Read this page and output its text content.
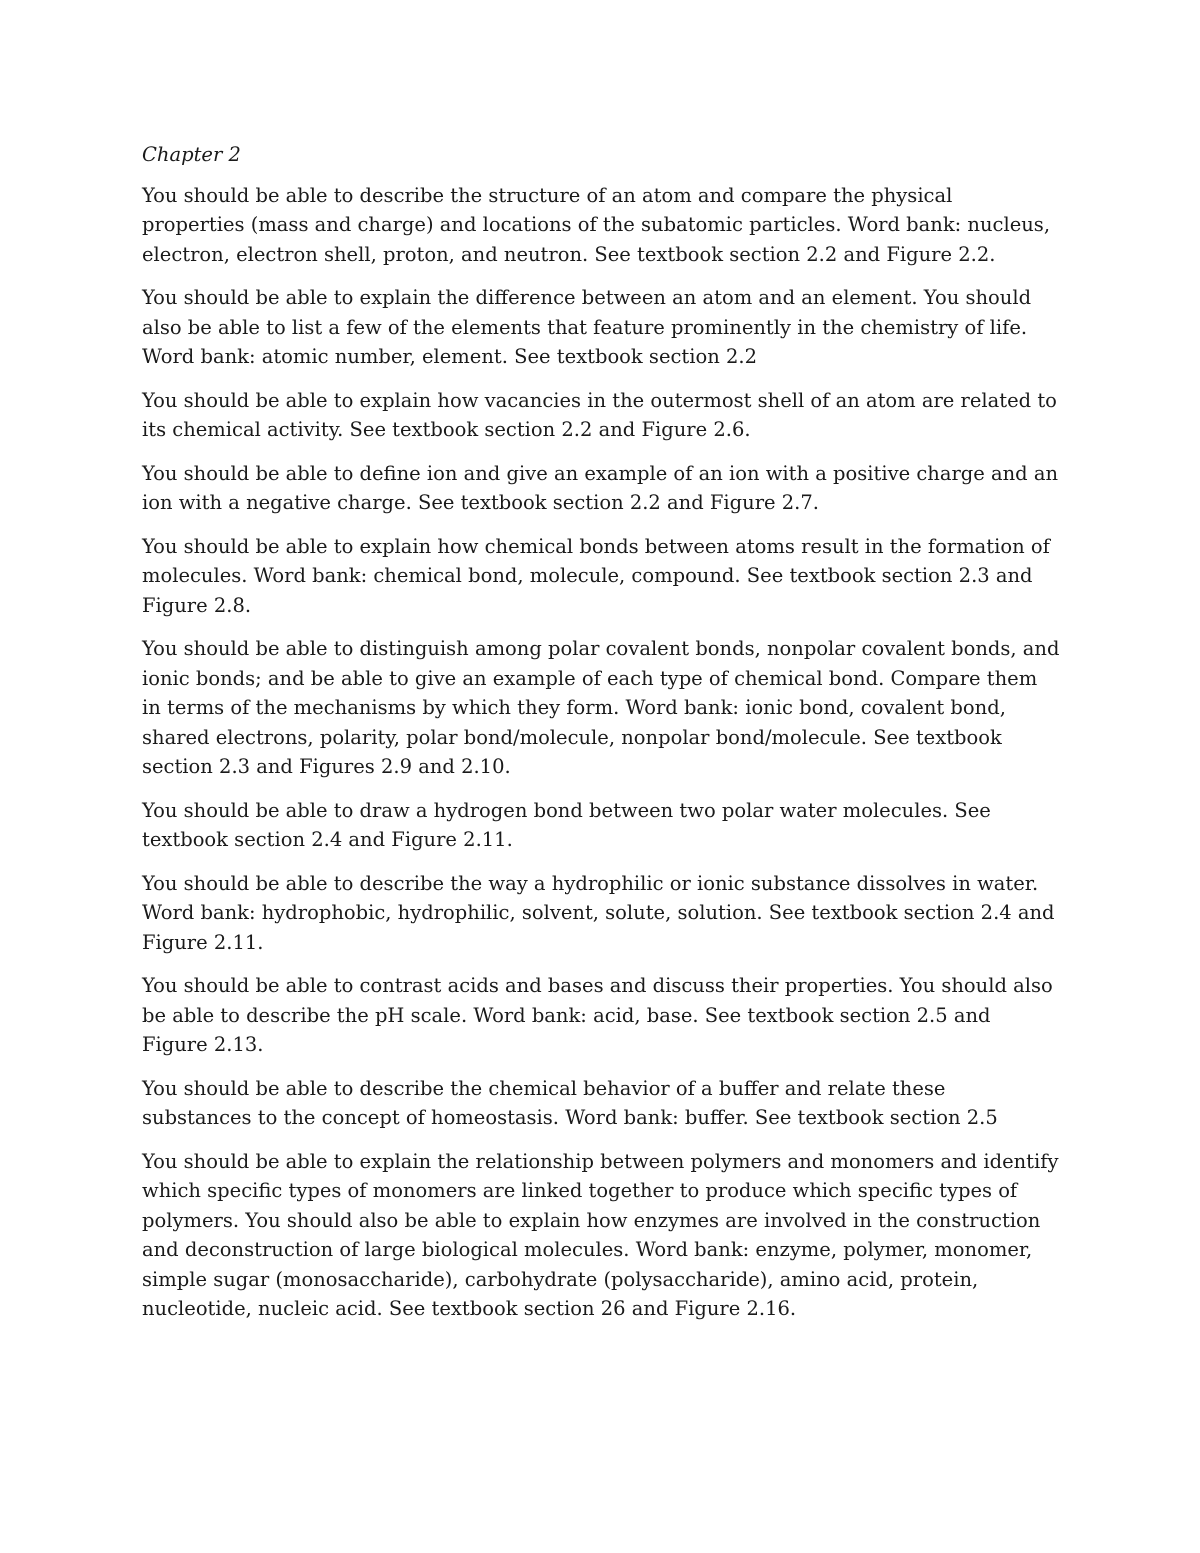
Chapter 2

You should be able to describe the structure of an atom and compare the physical properties (mass and charge) and locations of the subatomic particles. Word bank: nucleus, electron, electron shell, proton, and neutron. See textbook section 2.2 and Figure 2.2.

You should be able to explain the difference between an atom and an element. You should also be able to list a few of the elements that feature prominently in the chemistry of life. Word bank: atomic number, element. See textbook section 2.2

You should be able to explain how vacancies in the outermost shell of an atom are related to its chemical activity. See textbook section 2.2 and Figure 2.6.

You should be able to define ion and give an example of an ion with a positive charge and an ion with a negative charge. See textbook section 2.2 and Figure 2.7.

You should be able to explain how chemical bonds between atoms result in the formation of molecules. Word bank: chemical bond, molecule, compound. See textbook section 2.3 and Figure 2.8.

You should be able to distinguish among polar covalent bonds, nonpolar covalent bonds, and ionic bonds; and be able to give an example of each type of chemical bond. Compare them in terms of the mechanisms by which they form. Word bank: ionic bond, covalent bond, shared electrons, polarity, polar bond/molecule, nonpolar bond/molecule. See textbook section 2.3 and Figures 2.9 and 2.10.

You should be able to draw a hydrogen bond between two polar water molecules. See textbook section 2.4 and Figure 2.11.

You should be able to describe the way a hydrophilic or ionic substance dissolves in water. Word bank: hydrophobic, hydrophilic, solvent, solute, solution. See textbook section 2.4 and Figure 2.11.

You should be able to contrast acids and bases and discuss their properties. You should also be able to describe the pH scale. Word bank: acid, base. See textbook section 2.5 and Figure 2.13.

You should be able to describe the chemical behavior of a buffer and relate these substances to the concept of homeostasis. Word bank: buffer. See textbook section 2.5

You should be able to explain the relationship between polymers and monomers and identify which specific types of monomers are linked together to produce which specific types of polymers. You should also be able to explain how enzymes are involved in the construction and deconstruction of large biological molecules. Word bank: enzyme, polymer, monomer, simple sugar (monosaccharide), carbohydrate (polysaccharide), amino acid, protein, nucleotide, nucleic acid. See textbook section 26 and Figure 2.16.
